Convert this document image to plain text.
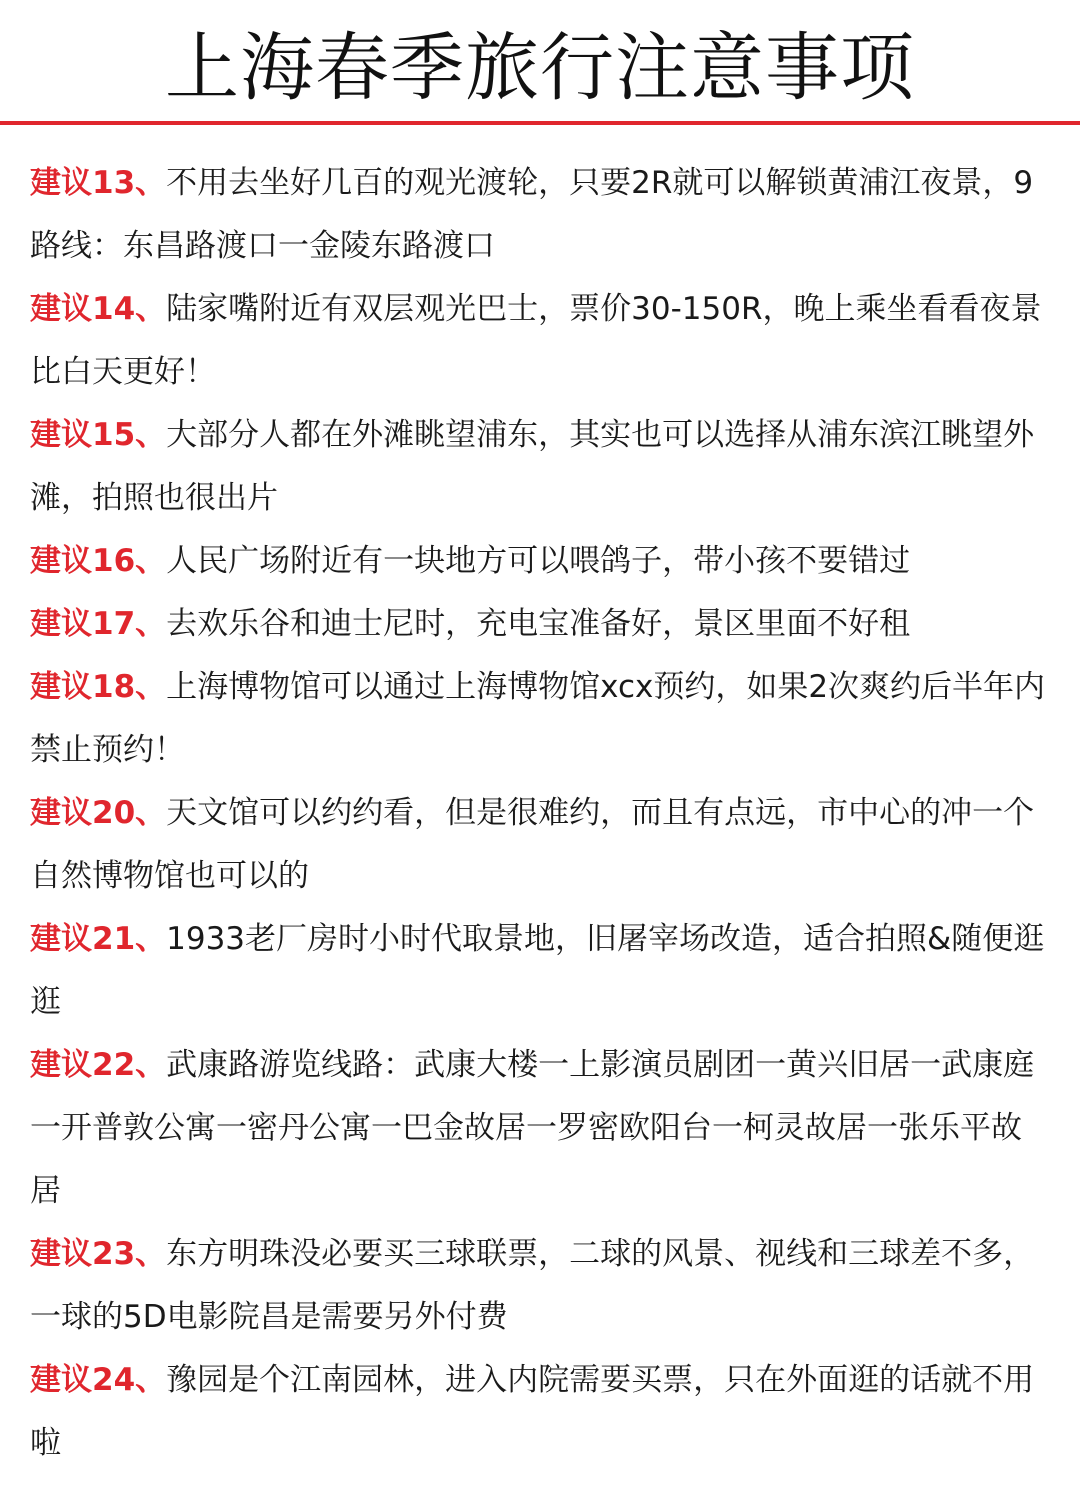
上海春季旅行注意事项

建议13、不用去坐好几百的观光渡轮，只要2R就可以解锁黄浦江夜景，9路线：东昌路渡口一金陵东路渡口

建议14、陆家嘴附近有双层观光巴士，票价30-150R，晚上乘坐看看夜景比白天更好！

建议15、大部分人都在外滩眺望浦东，其实也可以选择从浦东滨江眺望外滩，拍照也很出片

建议16、人民广场附近有一块地方可以喂鸽子，带小孩不要错过

建议17、去欢乐谷和迪士尼时，充电宝准备好，景区里面不好租

建议18、上海博物馆可以通过上海博物馆xcx预约，如果2次爽约后半年内禁止预约！

建议20、天文馆可以约约看，但是很难约，而且有点远，市中心的冲一个自然博物馆也可以的

建议21、1933老厂房时小时代取景地，旧屠宰场改造，适合拍照&随便逛逛

建议22、武康路游览线路：武康大楼一上影演员剧团一黄兴旧居一武康庭一开普敦公寓一密丹公寓一巴金故居一罗密欧阳台一柯灵故居一张乐平故居

建议23、东方明珠没必要买三球联票，二球的风景、视线和三球差不多，一球的5D电影院昌是需要另外付费

建议24、豫园是个江南园林，进入内院需要买票，只在外面逛的话就不用啦
